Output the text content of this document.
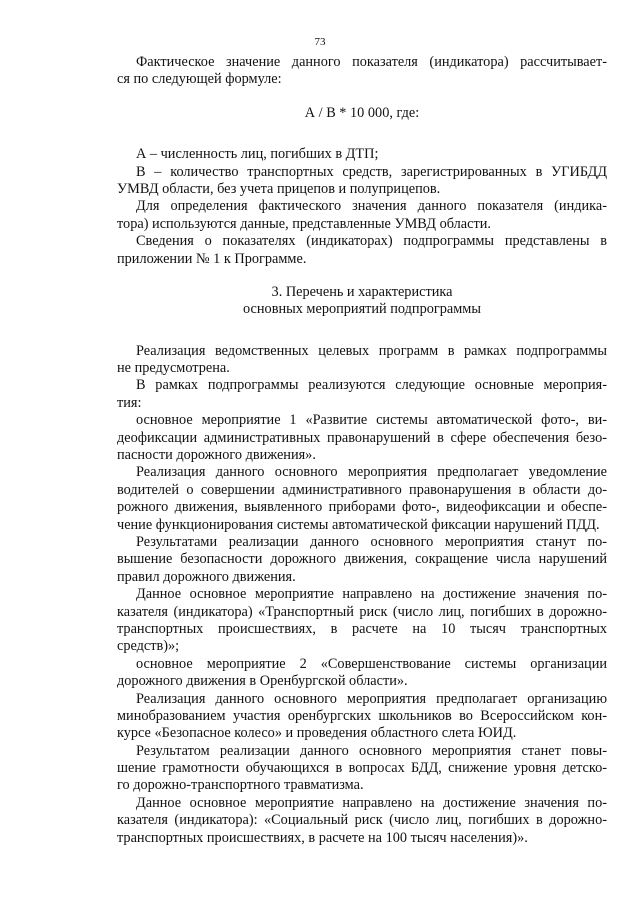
73
Фактическое значение данного показателя (индикатора) рассчитывает-
ся по следующей формуле:
А / В * 10 000, где:
А – численность лиц, погибших в ДТП;
В – количество транспортных средств, зарегистрированных в УГИБДД
УМВД области, без учета прицепов и полуприцепов.
Для определения фактического значения данного показателя (индика-
тора) используются данные, представленные УМВД области.
Сведения о показателях (индикаторах) подпрограммы представлены в
приложении № 1 к Программе.
3. Перечень и характеристика
основных мероприятий подпрограммы
Реализация ведомственных целевых программ в рамках подпрограммы
не предусмотрена.
В рамках подпрограммы реализуются следующие основные мероприя-
тия:
основное мероприятие 1 «Развитие системы автоматической фото-, ви-
деофиксации административных правонарушений в сфере обеспечения безо-
пасности дорожного движения».
Реализация данного основного мероприятия предполагает уведомление
водителей о совершении административного правонарушения в области до-
рожного движения, выявленного приборами фото-, видеофиксации и обеспе-
чение функционирования системы автоматической фиксации нарушений ПДД.
Результатами реализации данного основного мероприятия станут по-
вышение безопасности дорожного движения, сокращение числа нарушений
правил дорожного движения.
Данное основное мероприятие направлено на достижение значения по-
казателя (индикатора) «Транспортный риск (число лиц, погибших в дорожно-
транспортных происшествиях, в расчете на 10 тысяч транспортных
средств)»;
основное мероприятие 2 «Совершенствование системы организации
дорожного движения в Оренбургской области».
Реализация данного основного мероприятия предполагает организацию
минобразованием участия оренбургских школьников во Всероссийском кон-
курсе «Безопасное колесо» и проведения областного слета ЮИД.
Результатом реализации данного основного мероприятия станет повы-
шение грамотности обучающихся в вопросах БДД, снижение уровня детско-
го дорожно-транспортного травматизма.
Данное основное мероприятие направлено на достижение значения по-
казателя (индикатора): «Социальный риск (число лиц, погибших в дорожно-
транспортных происшествиях, в расчете на 100 тысяч населения)».
